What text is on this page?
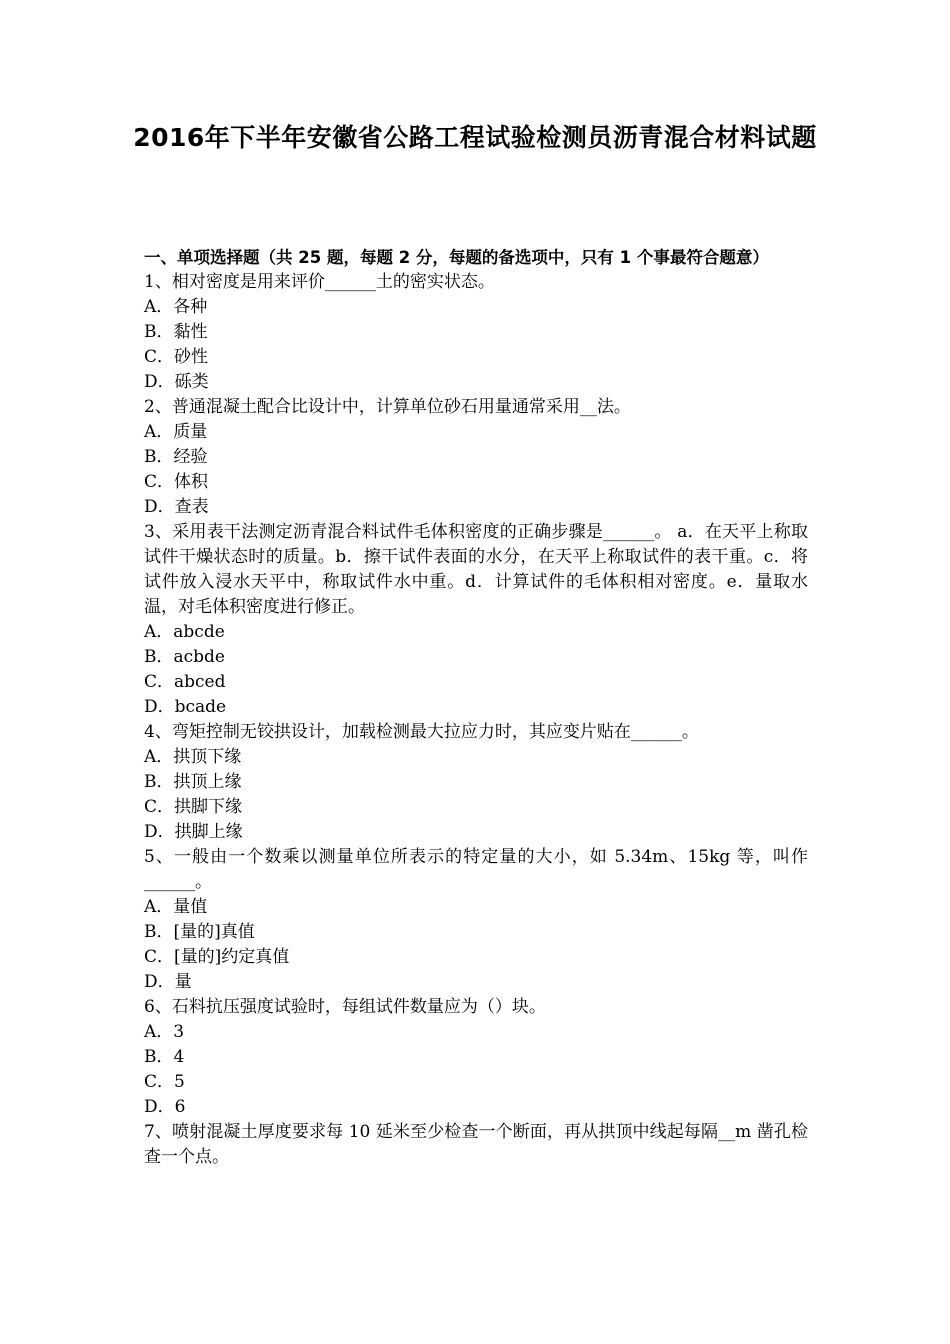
2016年下半年安徽省公路工程试验检测员沥青混合材料试题

一、单项选择题（共 25 题，每题 2 分，每题的备选项中，只有 1 个事最符合题意）

1、相对密度是用来评价______土的密实状态。

A．各种

B．黏性

C．砂性

D．砾类

2、普通混凝土配合比设计中，计算单位砂石用量通常采用__法。

A．质量

B．经验

C．体积

D．查表

3、采用表干法测定沥青混合料试件毛体积密度的正确步骤是______。 a．在天平上称取试件干燥状态时的质量。b．擦干试件表面的水分，在天平上称取试件的表干重。c．将试件放入浸水天平中，称取试件水中重。d．计算试件的毛体积相对密度。e．量取水温，对毛体积密度进行修正。

A．abcde

B．acbde

C．abced

D．bcade

4、弯矩控制无铰拱设计，加载检测最大拉应力时，其应变片贴在______。

A．拱顶下缘

B．拱顶上缘

C．拱脚下缘

D．拱脚上缘

5、一般由一个数乘以测量单位所表示的特定量的大小，如 5.34m、15kg 等，叫作______。

A．量值

B．[量的]真值

C．[量的]约定真值

D．量

6、石料抗压强度试验时，每组试件数量应为（）块。

A．3

B．4

C．5

D．6

7、喷射混凝土厚度要求每 10 延米至少检查一个断面，再从拱顶中线起每隔__m 凿孔检查一个点。
